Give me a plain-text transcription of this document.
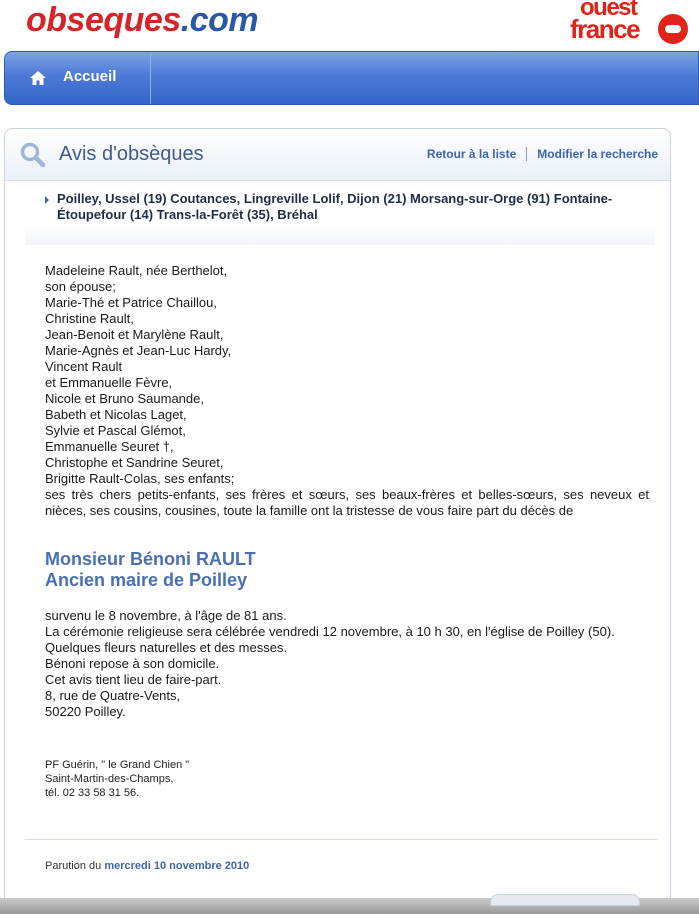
obseques.com	ouest
france
Accueil
Avis d'obsèques	Retour à la liste Modifier la recherche
Poilley, Ussel (19) Coutances, Lingreville Lolif, Dijon (21) Morsang-sur-Orge (91) Fontaine-Étoupefour (14) Trans-la-Forêt (35), Bréhal
Madeleine Rault, née Berthelot,
son épouse;
Marie-Thé et Patrice Chaillou,
Christine Rault,
Jean-Benoit et Marylène Rault,
Marie-Agnès et Jean-Luc Hardy,
Vincent Rault
et Emmanuelle Fèvre,
Nicole et Bruno Saumande,
Babeth et Nicolas Laget,
Sylvie et Pascal Glémot,
Emmanuelle Seuret †,
Christophe et Sandrine Seuret,
Brigitte Rault-Colas, ses enfants;
ses très chers petits-enfants, ses frères et sœurs, ses beaux-frères et belles-sœurs, ses neveux et nièces, ses cousins, cousines, toute la famille ont la tristesse de vous faire part du décès de
Monsieur Bénoni RAULT
Ancien maire de Poilley
survenu le 8 novembre, à l'âge de 81 ans.
La cérémonie religieuse sera célébrée vendredi 12 novembre, à 10 h 30, en l'église de Poilley (50).
Quelques fleurs naturelles et des messes.
Bénoni repose à son domicile.
Cet avis tient lieu de faire-part.
8, rue de Quatre-Vents,
50220 Poilley.
PF Guérin, " le Grand Chien "
Saint-Martin-des-Champs,
tél. 02 33 58 31 56.
Parution du mercredi 10 novembre 2010
